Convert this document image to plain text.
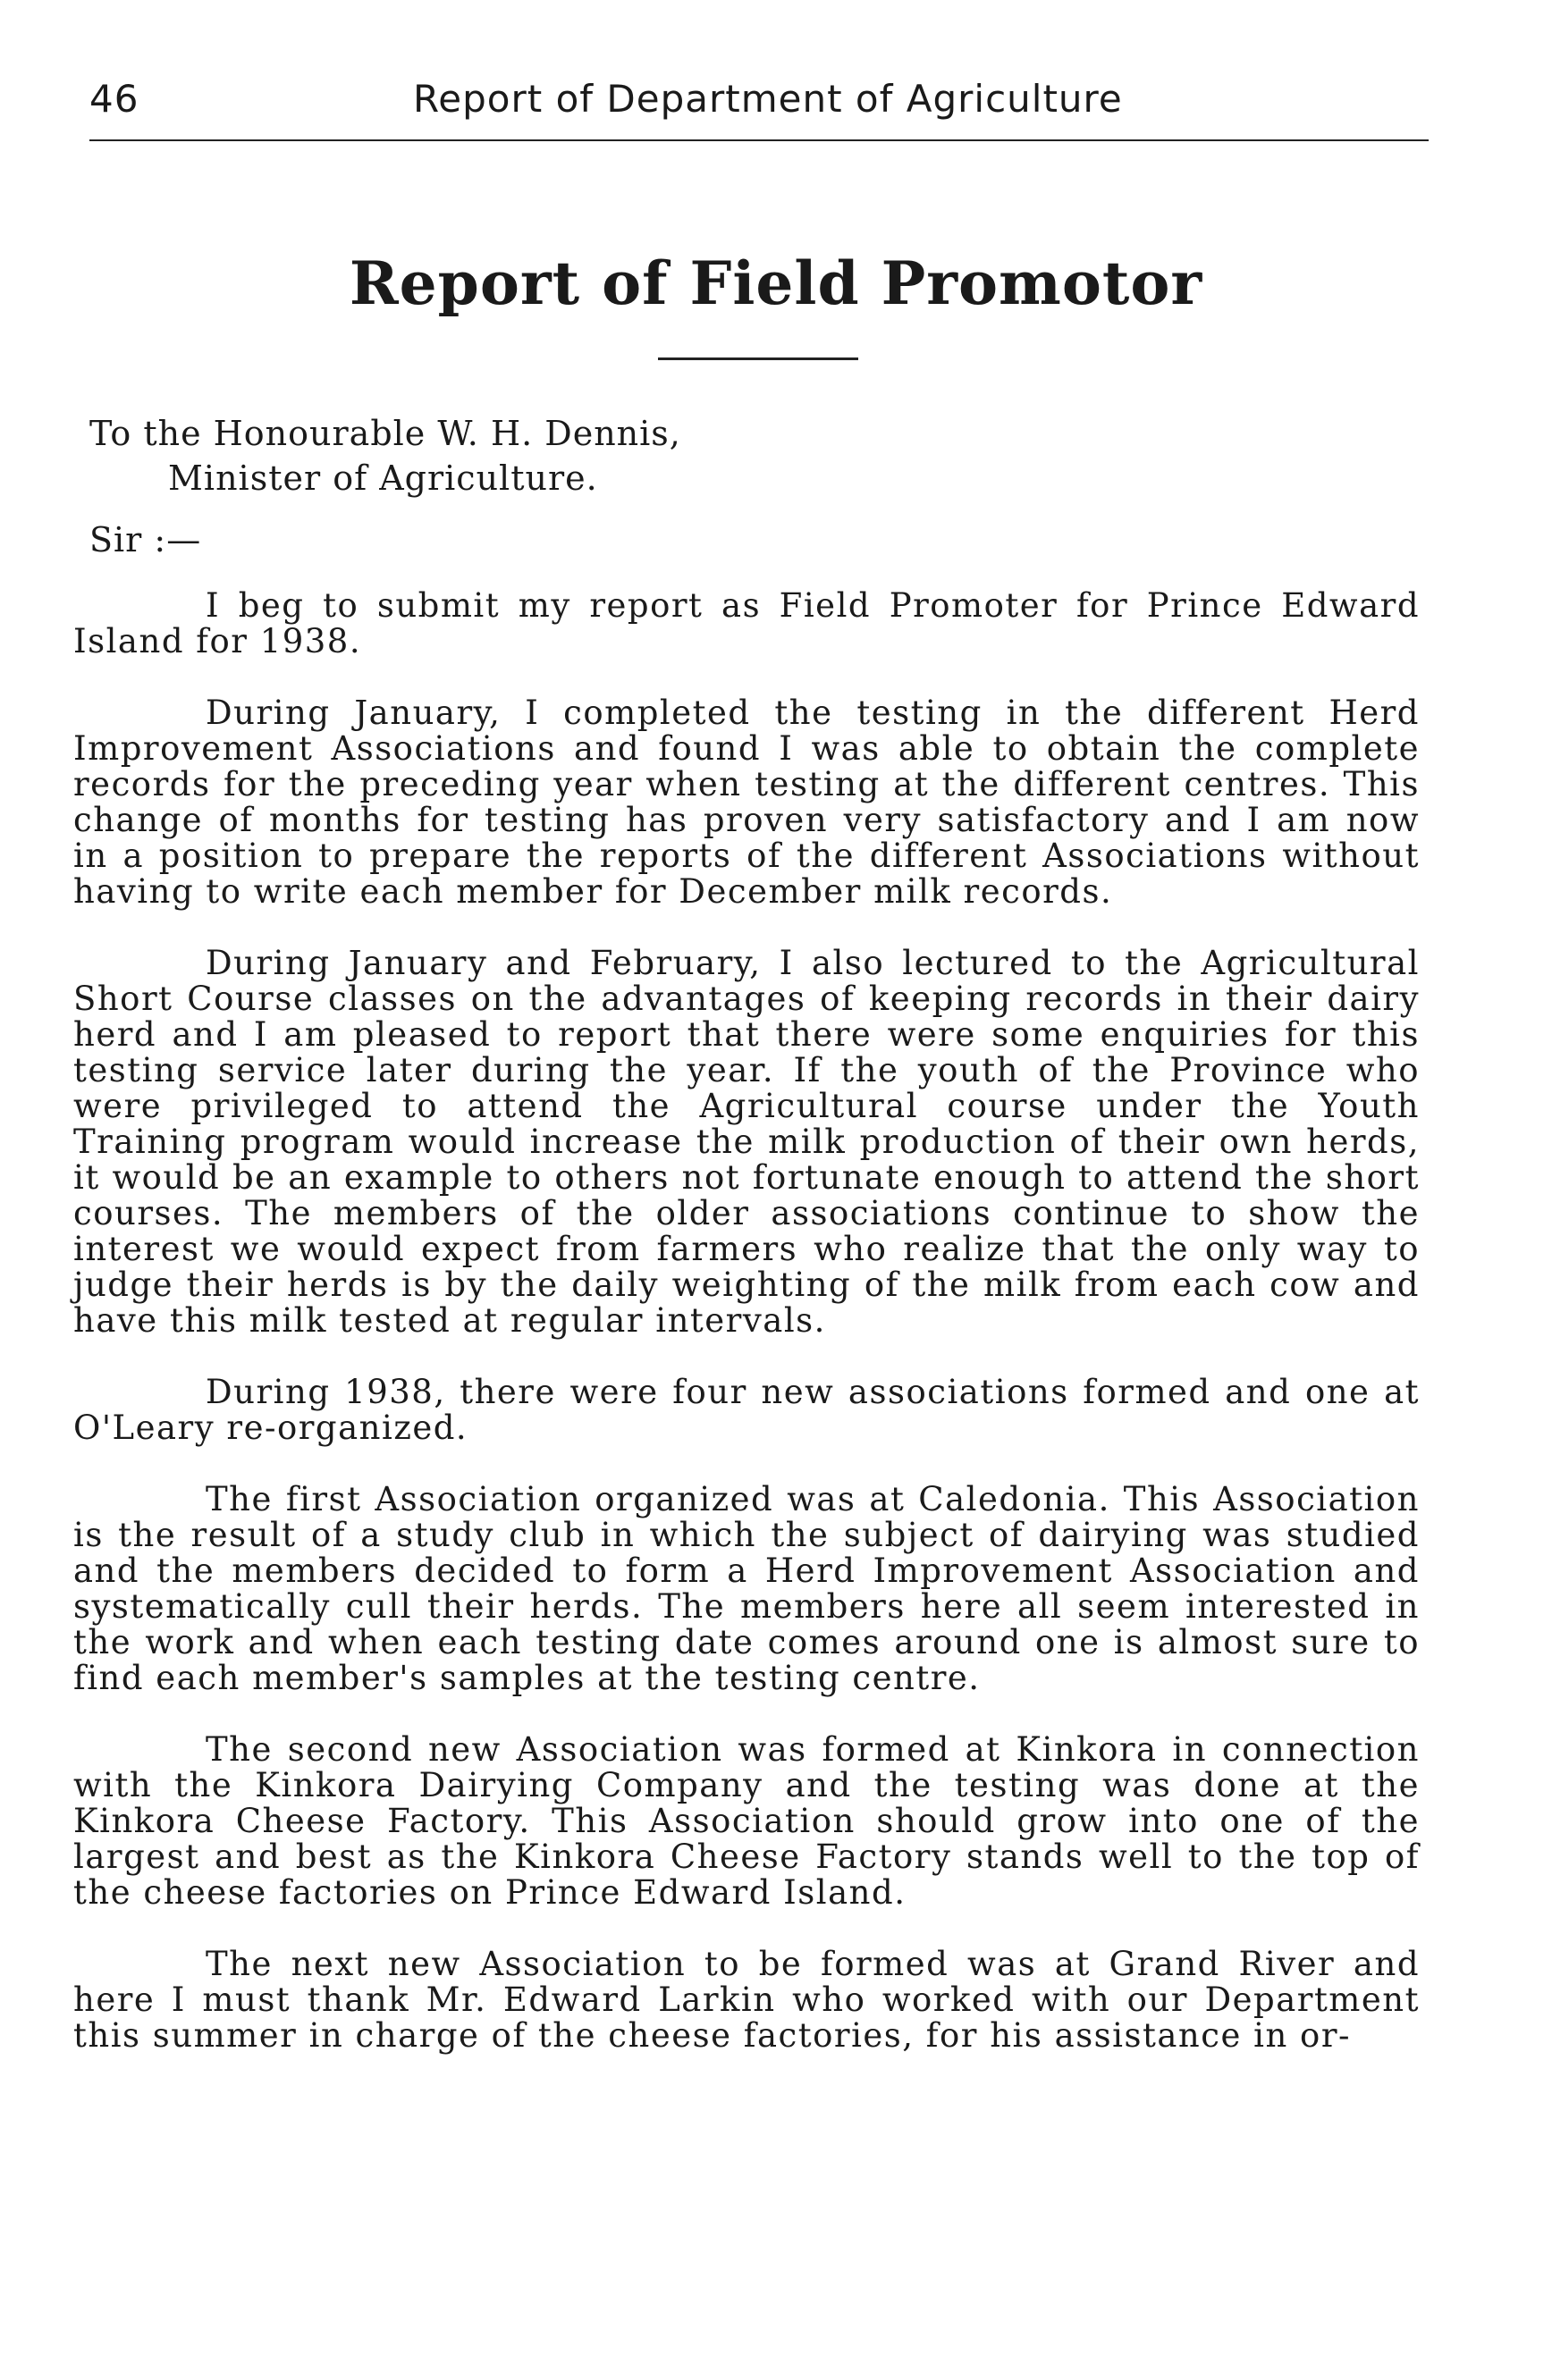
46	Report of Department of Agriculture
Report of Field Promotor
To the Honourable W. H. Dennis,
Minister of Agriculture.
Sir :—

I beg to submit my report as Field Promoter for Prince Edward Island for 1938.

During January, I completed the testing in the different Herd Improvement Associations and found I was able to obtain the complete records for the preceding year when testing at the different centres. This change of months for testing has proven very satisfactory and I am now in a position to prepare the reports of the different Associations without having to write each member for December milk records.

During January and February, I also lectured to the Agricultural Short Course classes on the advantages of keeping records in their dairy herd and I am pleased to report that there were some enquiries for this testing service later during the year. If the youth of the Province who were privileged to attend the Agricultural course under the Youth Training program would increase the milk production of their own herds, it would be an example to others not fortunate enough to attend the short courses. The members of the older associations continue to show the interest we would expect from farmers who realize that the only way to judge their herds is by the daily weighting of the milk from each cow and have this milk tested at regular intervals.

During 1938, there were four new associations formed and one at O'Leary re-organized.

The first Association organized was at Caledonia. This Association is the result of a study club in which the subject of dairying was studied and the members decided to form a Herd Improvement Association and systematically cull their herds. The members here all seem interested in the work and when each testing date comes around one is almost sure to find each member's samples at the testing centre.

The second new Association was formed at Kinkora in connection with the Kinkora Dairying Company and the testing was done at the Kinkora Cheese Factory. This Association should grow into one of the largest and best as the Kinkora Cheese Factory stands well to the top of the cheese factories on Prince Edward Island.

The next new Association to be formed was at Grand River and here I must thank Mr. Edward Larkin who worked with our Department this summer in charge of the cheese factories, for his assistance in or-
